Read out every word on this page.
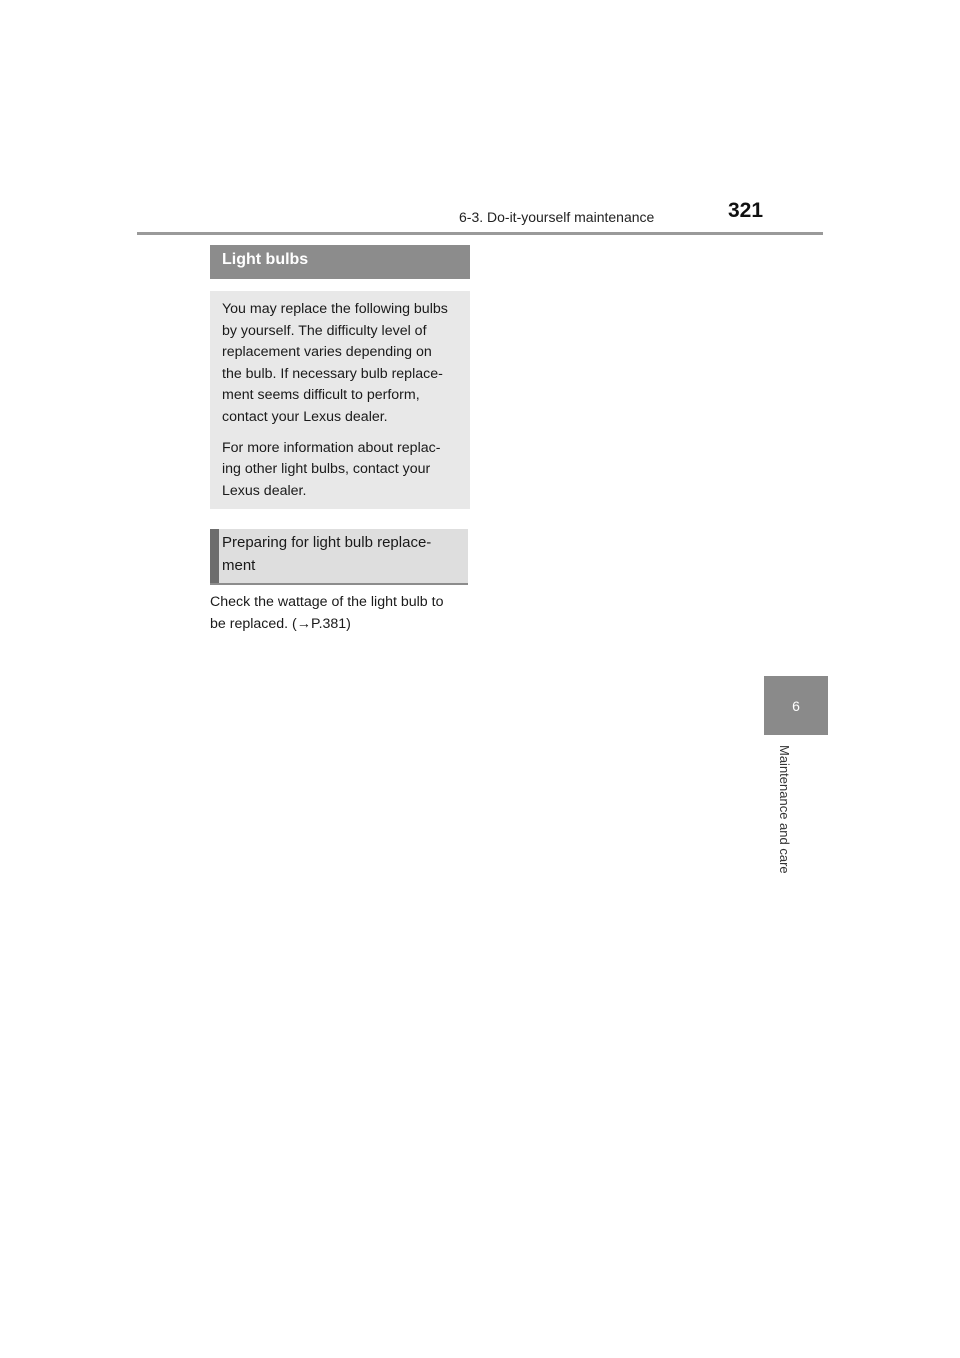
6-3. Do-it-yourself maintenance	321
6
Maintenance and care
Light bulbs

You may replace the following bulbs
by yourself. The difficulty level of
replacement varies depending on
the bulb. If necessary bulb replace-
ment seems difficult to perform,
contact your Lexus dealer.

For more information about replac-
ing other light bulbs, contact your
Lexus dealer.

Preparing for light bulb replace-
ment
Check the wattage of the light bulb to
be replaced. (→P.381)
